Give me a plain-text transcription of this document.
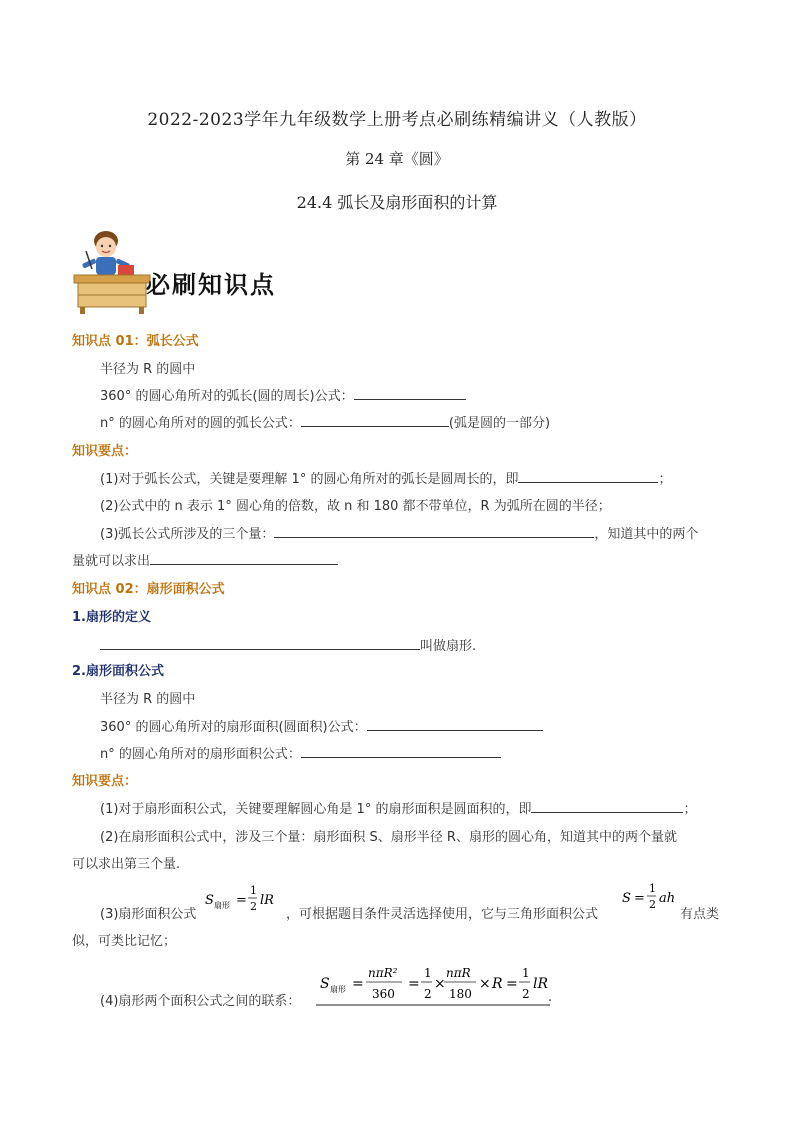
2022-2023学年九年级数学上册考点必刷练精编讲义（人教版）
第 24 章《圆》
24.4 弧长及扇形面积的计算
必刷知识点
知识点 01：弧长公式
半径为 R 的圆中
360° 的圆心角所对的弧长(圆的周长)公式：
n° 的圆心角所对的圆的弧长公式：	(弧是圆的一部分)
知识要点：
(1)对于弧长公式，关键是要理解 1° 的圆心角所对的弧长是圆周长的，即	；
(2)公式中的 n 表示 1° 圆心角的倍数，故 n 和 180 都不带单位，R 为弧所在圆的半径；
(3)弧长公式所涉及的三个量：	，知道其中的两个
量就可以求出
知识点 02：扇形面积公式
1.扇形的定义
叫做扇形.
2.扇形面积公式
半径为 R 的圆中
360° 的圆心角所对的扇形面积(圆面积)公式：
n° 的圆心角所对的扇形面积公式：
知识要点：
(1)对于扇形面积公式，关键要理解圆心角是 1° 的扇形面积是圆面积的，即	；
(2)在扇形面积公式中，涉及三个量：扇形面积 S、扇形半径 R、扇形的圆心角，知道其中的两个量就
可以求出第三个量.
(3)扇形面积公式
S 扇形 =
1
2 lR
，可根据题目条件灵活选择使用，它与三角形面积公式
S =
1
2 ah
有点类
似，可类比记忆；
(4)扇形两个面积公式之间的联系：
S 扇形 =
nπR²
360
=
1
2
×
nπR
180
× R =
1
2
lR
.
